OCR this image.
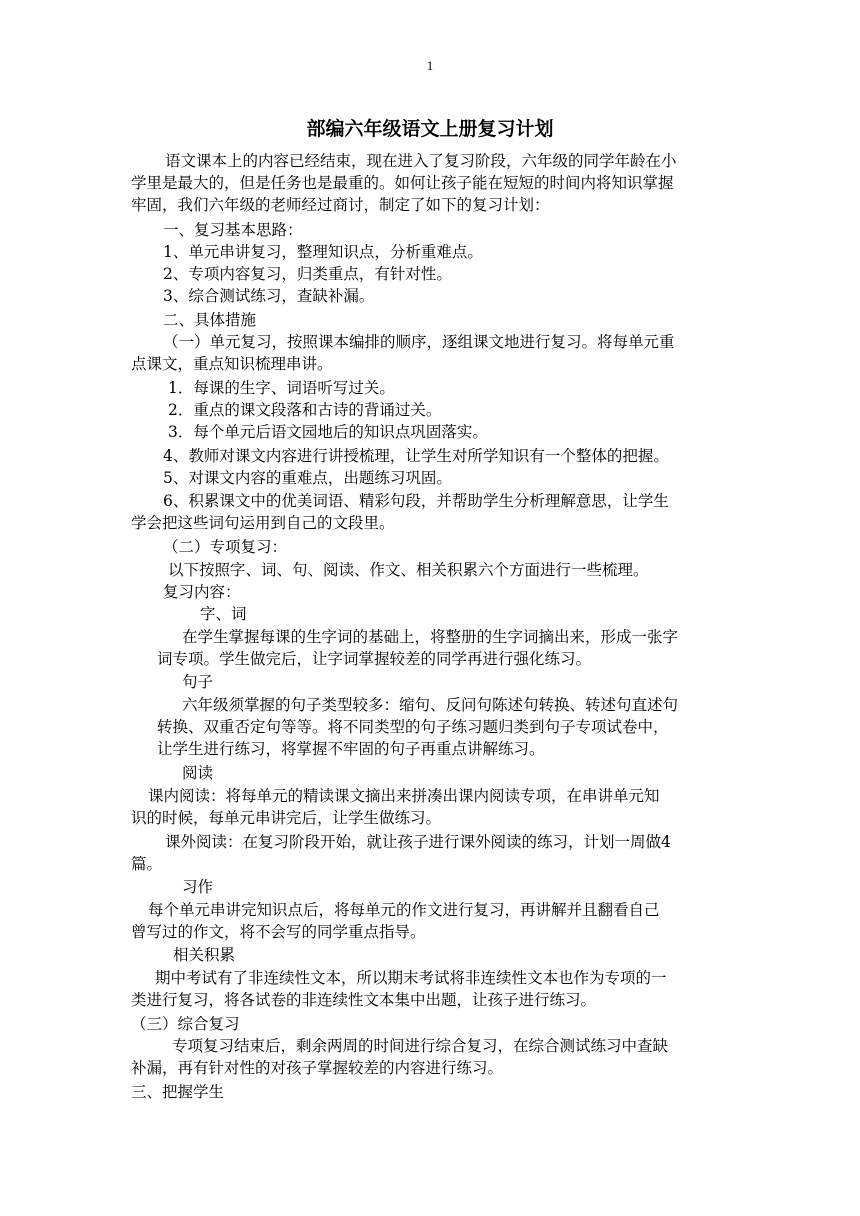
1
部编六年级语文上册复习计划
语文课本上的内容已经结束，现在进入了复习阶段，六年级的同学年龄在小
学里是最大的，但是任务也是最重的。如何让孩子能在短短的时间内将知识掌握
牢固，我们六年级的老师经过商讨，制定了如下的复习计划：
一、复习基本思路：
1、单元串讲复习，整理知识点，分析重难点。
2、专项内容复习，归类重点，有针对性。
3、综合测试练习，查缺补漏。
二、具体措施
（一）单元复习，按照课本编排的顺序，逐组课文地进行复习。将每单元重
点课文，重点知识梳理串讲。
1．每课的生字、词语听写过关。
2．重点的课文段落和古诗的背诵过关。
3．每个单元后语文园地后的知识点巩固落实。
4、教师对课文内容进行讲授梳理，让学生对所学知识有一个整体的把握。
5、对课文内容的重难点，出题练习巩固。
6、积累课文中的优美词语、精彩句段，并帮助学生分析理解意思，让学生
学会把这些词句运用到自己的文段里。
（二）专项复习：
以下按照字、词、句、阅读、作文、相关积累六个方面进行一些梳理。
复习内容：
字、词
在学生掌握每课的生字词的基础上，将整册的生字词摘出来，形成一张字
词专项。学生做完后，让字词掌握较差的同学再进行强化练习。
句子
六年级须掌握的句子类型较多：缩句、反问句陈述句转换、转述句直述句
转换、双重否定句等等。将不同类型的句子练习题归类到句子专项试卷中，
让学生进行练习，将掌握不牢固的句子再重点讲解练习。
阅读
课内阅读：将每单元的精读课文摘出来拼凑出课内阅读专项，在串讲单元知
识的时候，每单元串讲完后，让学生做练习。
课外阅读：在复习阶段开始，就让孩子进行课外阅读的练习，计划一周做4
篇。
习作
每个单元串讲完知识点后，将每单元的作文进行复习，再讲解并且翻看自己
曾写过的作文，将不会写的同学重点指导。
相关积累
期中考试有了非连续性文本，所以期末考试将非连续性文本也作为专项的一
类进行复习，将各试卷的非连续性文本集中出题，让孩子进行练习。
（三）综合复习
专项复习结束后，剩余两周的时间进行综合复习，在综合测试练习中查缺
补漏，再有针对性的对孩子掌握较差的内容进行练习。
三、把握学生
